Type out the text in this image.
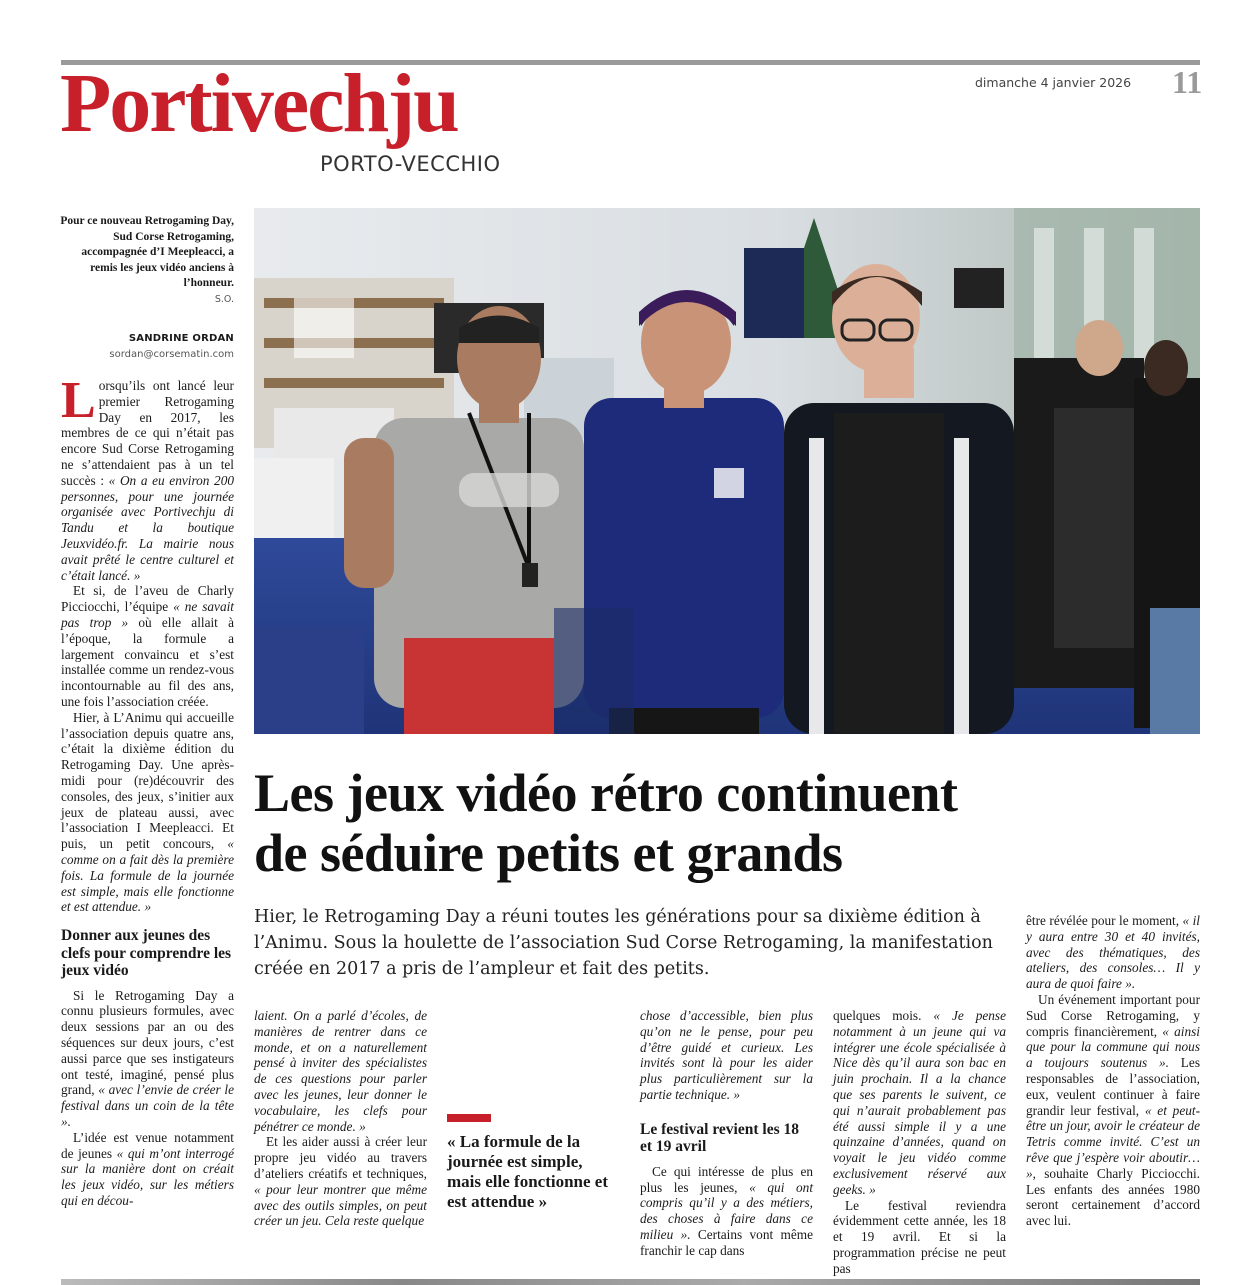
Portivechju
PORTO-VECCHIO
dimanche 4 janvier 2026 11
Pour ce nouveau Retrogaming Day, Sud Corse Retrogaming, accompagnée d’I Meepleacci, a remis les jeux vidéo anciens à l’honneur.
S.O.
SANDRINE ORDAN
sordan@corsematin.com

Lorsqu’ils ont lancé leur premier Retrogaming Day en 2017, les membres de ce qui n’était pas encore Sud Corse Retrogaming ne s’attendaient pas à un tel succès : « On a eu environ 200 personnes, pour une journée organisée avec Portivechju di Tandu et la boutique Jeuxvidéo.fr. La mairie nous avait prêté le centre culturel et c’était lancé. »

Et si, de l’aveu de Charly Picciocchi, l’équipe « ne savait pas trop » où elle allait à l’époque, la formule a largement convaincu et s’est installée comme un rendez-vous incontournable au fil des ans, une fois l’association créée.

Hier, à L’Animu qui accueille l’association depuis quatre ans, c’était la dixième édition du Retrogaming Day. Une après-midi pour (re)découvrir des consoles, des jeux, s’initier aux jeux de plateau aussi, avec l’association I Meepleacci. Et puis, un petit concours, « comme on a fait dès la première fois. La formule de la journée est simple, mais elle fonctionne et est attendue. »

Donner aux jeunes des clefs pour comprendre les jeux vidéo

Si le Retrogaming Day a connu plusieurs formules, avec deux sessions par an ou des séquences sur deux jours, c’est aussi parce que ses instigateurs ont testé, imaginé, pensé plus grand, « avec l’envie de créer le festival dans un coin de la tête ».

L’idée est venue notamment de jeunes « qui m’ont interrogé sur la manière dont on créait les jeux vidéo, sur les métiers qui en décou-

Les jeux vidéo rétro continuent
de séduire petits et grands
Hier, le Retrogaming Day a réuni toutes les générations pour sa dixième édition à l’Animu. Sous la houlette de l’association Sud Corse Retrogaming, la manifestation créée en 2017 a pris de l’ampleur et fait des petits.

laient. On a parlé d’écoles, de manières de rentrer dans ce monde, et on a naturellement pensé à inviter des spécialistes de ces questions pour parler avec les jeunes, leur donner le vocabulaire, les clefs pour pénétrer ce monde. »

Et les aider aussi à créer leur propre jeu vidéo au travers d’ateliers créatifs et techniques, « pour leur montrer que même avec des outils simples, on peut créer un jeu. Cela reste quelque

« La formule de la journée est simple, mais elle fonctionne et est attendue »

chose d’accessible, bien plus qu’on ne le pense, pour peu d’être guidé et curieux. Les invités sont là pour les aider plus particulièrement sur la partie technique. »

Le festival revient les 18 et 19 avril

Ce qui intéresse de plus en plus les jeunes, « qui ont compris qu’il y a des métiers, des choses à faire dans ce milieu ». Certains vont même franchir le cap dans

quelques mois. « Je pense notamment à un jeune qui va intégrer une école spécialisée à Nice dès qu’il aura son bac en juin prochain. Il a la chance que ses parents le suivent, ce qui n’aurait probablement pas été aussi simple il y a une quinzaine d’années, quand on voyait le jeu vidéo comme exclusivement réservé aux geeks. »

Le festival reviendra évidemment cette année, les 18 et 19 avril. Et si la programmation précise ne peut pas

être révélée pour le moment, « il y aura entre 30 et 40 invités, avec des thématiques, des ateliers, des consoles… Il y aura de quoi faire ».

Un événement important pour Sud Corse Retrogaming, y compris financièrement, « ainsi que pour la commune qui nous a toujours soutenus ». Les responsables de l’association, eux, veulent continuer à faire grandir leur festival, « et peut-être un jour, avoir le créateur de Tetris comme invité. C’est un rêve que j’espère voir aboutir… », souhaite Charly Picciocchi. Les enfants des années 1980 seront certainement d’accord avec lui.
